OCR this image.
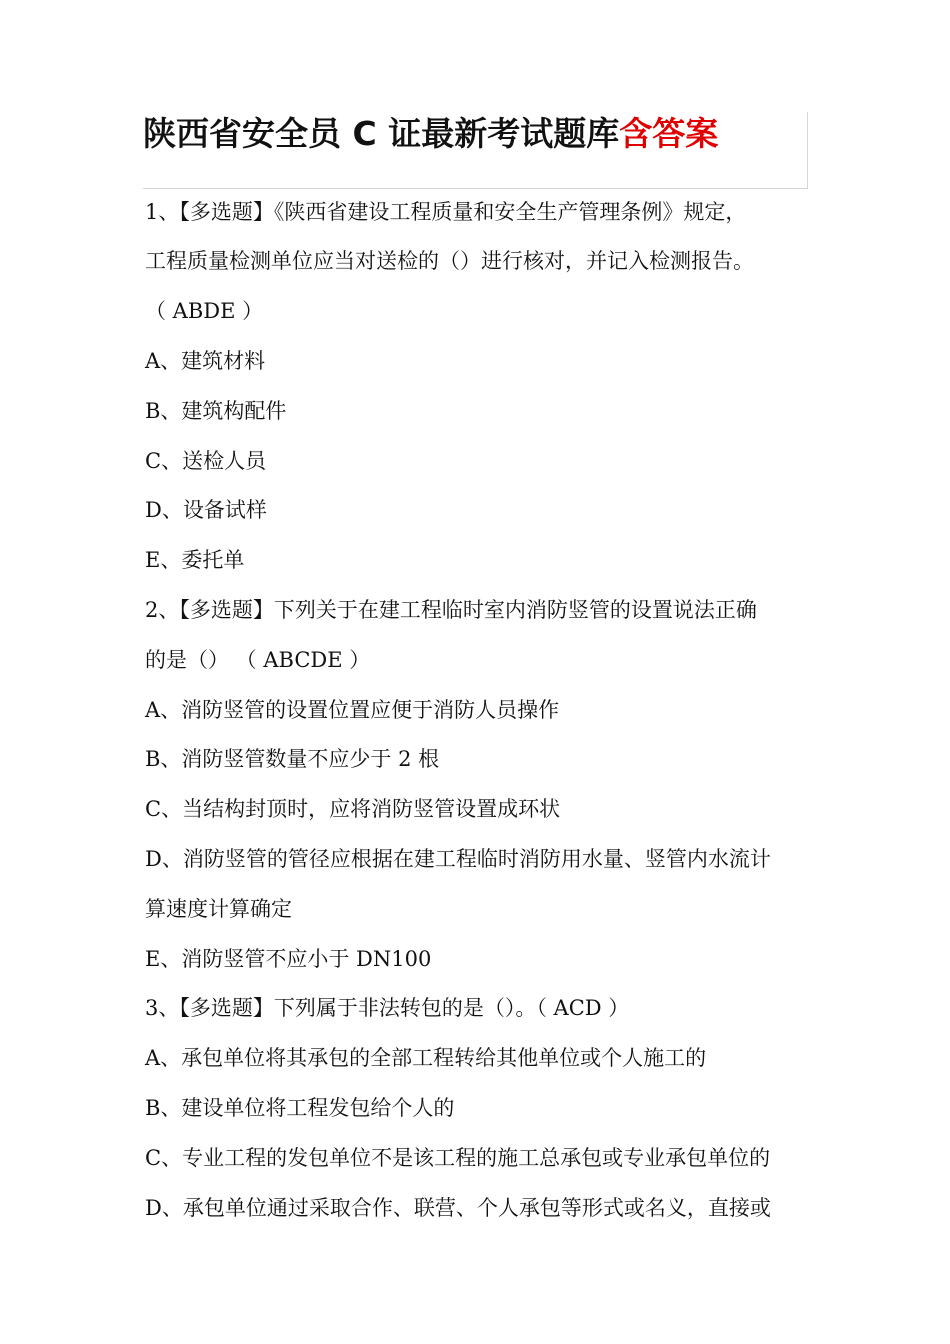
陕西省安全员 C 证最新考试题库含答案
1、【多选题】《陕西省建设工程质量和安全生产管理条例》规定，
工程质量检测单位应当对送检的（）进行核对，并记入检测报告。
（ ABDE ）
A、建筑材料
B、建筑构配件
C、送检人员
D、设备试样
E、委托单
2、【多选题】下列关于在建工程临时室内消防竖管的设置说法正确
的是（） （ ABCDE ）
A、消防竖管的设置位置应便于消防人员操作
B、消防竖管数量不应少于 2 根
C、当结构封顶时，应将消防竖管设置成环状
D、消防竖管的管径应根据在建工程临时消防用水量、竖管内水流计
算速度计算确定
E、消防竖管不应小于 DN100
3、【多选题】下列属于非法转包的是（）。（ ACD ）
A、承包单位将其承包的全部工程转给其他单位或个人施工的
B、建设单位将工程发包给个人的
C、专业工程的发包单位不是该工程的施工总承包或专业承包单位的
D、承包单位通过采取合作、联营、个人承包等形式或名义，直接或
